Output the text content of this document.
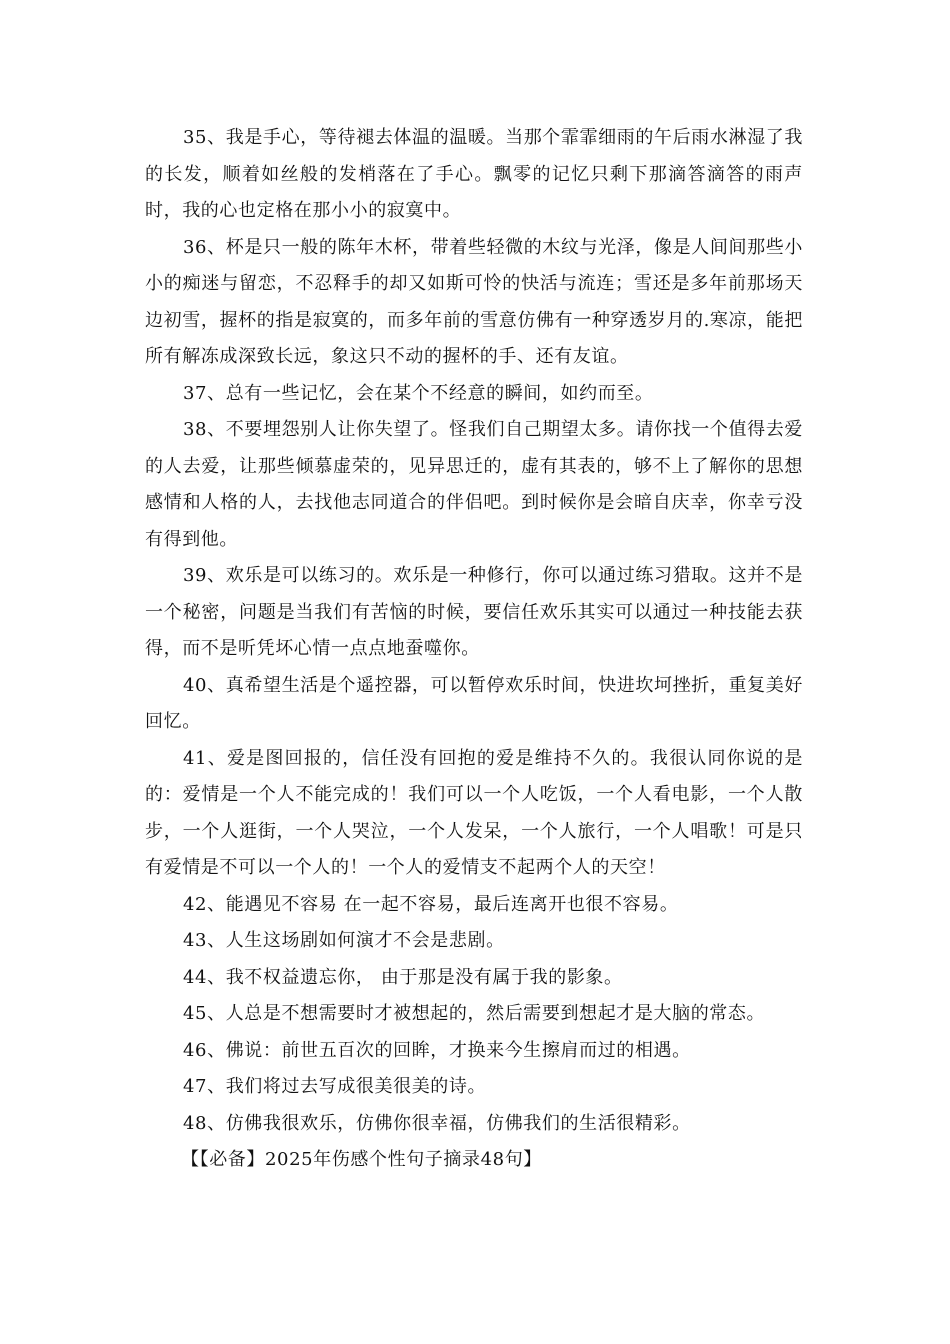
35、我是手心，等待褪去体温的温暖。当那个霏霏细雨的午后雨水淋湿了我的长发，顺着如丝般的发梢落在了手心。飘零的记忆只剩下那滴答滴答的雨声时，我的心也定格在那小小的寂寞中。

36、杯是只一般的陈年木杯，带着些轻微的木纹与光泽，像是人间间那些小小的痴迷与留恋，不忍释手的却又如斯可怜的快活与流连；雪还是多年前那场天边初雪，握杯的指是寂寞的，而多年前的雪意仿佛有一种穿透岁月的.寒凉，能把所有解冻成深致长远，象这只不动的握杯的手、还有友谊。

37、总有一些记忆，会在某个不经意的瞬间，如约而至。

38、不要埋怨别人让你失望了。怪我们自己期望太多。请你找一个值得去爱的人去爱，让那些倾慕虚荣的，见异思迁的，虚有其表的，够不上了解你的思想感情和人格的人，去找他志同道合的伴侣吧。到时候你是会暗自庆幸，你幸亏没有得到他。

39、欢乐是可以练习的。欢乐是一种修行，你可以通过练习猎取。这并不是一个秘密，问题是当我们有苦恼的时候，要信任欢乐其实可以通过一种技能去获得，而不是听凭坏心情一点点地蚕噬你。

40、真希望生活是个遥控器，可以暂停欢乐时间，快进坎坷挫折，重复美好回忆。

41、爱是图回报的，信任没有回抱的爱是维持不久的。我很认同你说的是的：爱情是一个人不能完成的！我们可以一个人吃饭，一个人看电影，一个人散步，一个人逛街，一个人哭泣，一个人发呆，一个人旅行，一个人唱歌！可是只有爱情是不可以一个人的！一个人的爱情支不起两个人的天空！

42、能遇见不容易 在一起不容易，最后连离开也很不容易。

43、人生这场剧如何演才不会是悲剧。

44、我不权益遗忘你， 由于那是没有属于我的影象。

45、人总是不想需要时才被想起的，然后需要到想起才是大脑的常态。

46、佛说：前世五百次的回眸，才换来今生擦肩而过的相遇。

47、我们将过去写成很美很美的诗。

48、仿佛我很欢乐，仿佛你很幸福，仿佛我们的生活很精彩。

【【必备】2025年伤感个性句子摘录48句】
